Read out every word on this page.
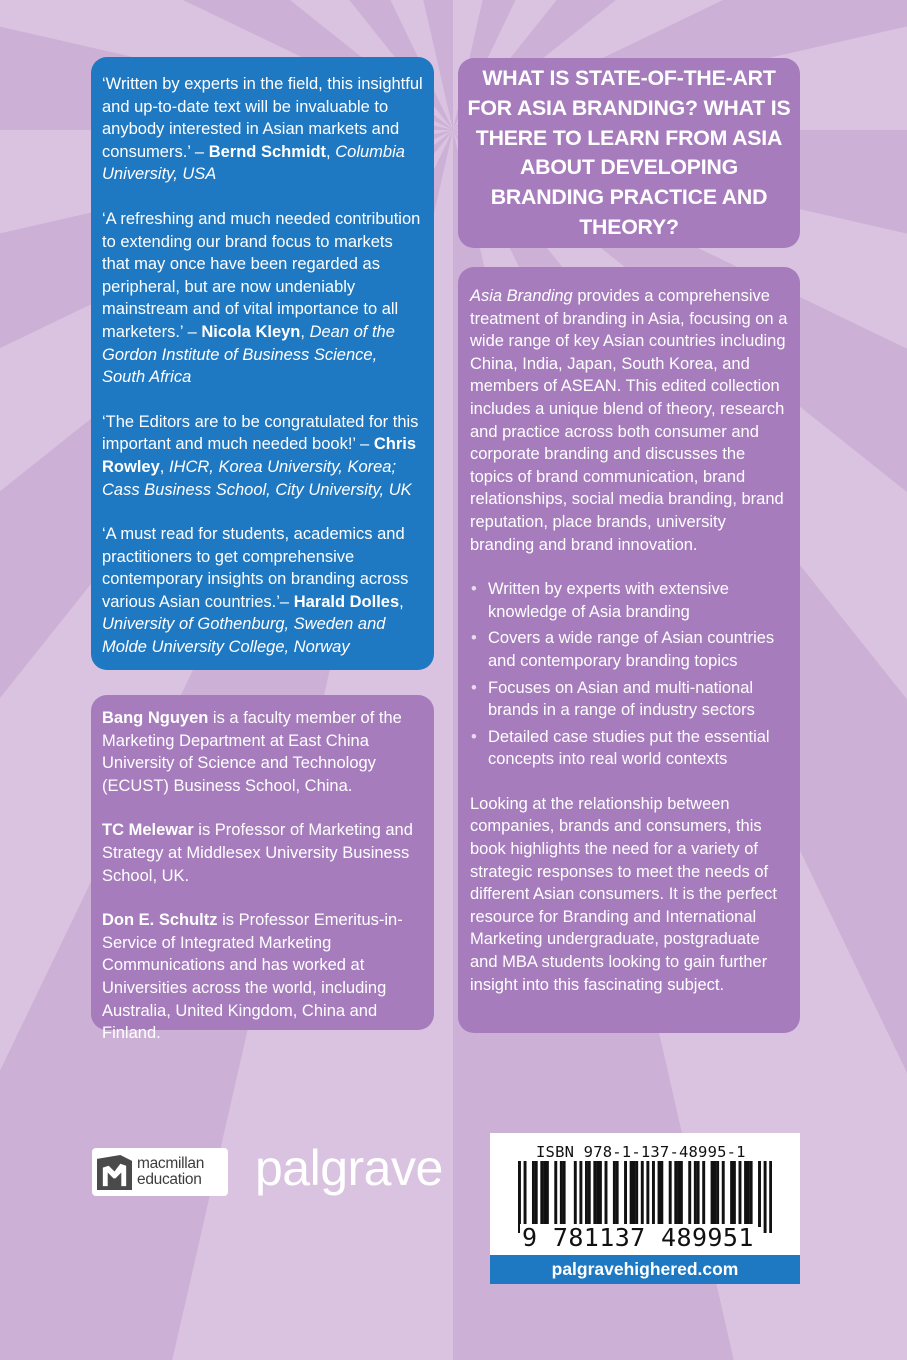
‘Written by experts in the field, this insightful and up-to-date text will be invaluable to anybody interested in Asian markets and consumers.’ – Bernd Schmidt, Columbia University, USA

‘A refreshing and much needed contribution to extending our brand focus to markets that may once have been regarded as peripheral, but are now undeniably mainstream and of vital importance to all marketers.’ – Nicola Kleyn, Dean of the Gordon Institute of Business Science, South Africa

‘The Editors are to be congratulated for this important and much needed book!’ – Chris Rowley, IHCR, Korea University, Korea; Cass Business School, City University, UK

‘A must read for students, academics and practitioners to get comprehensive contemporary insights on branding across various Asian countries.’– Harald Dolles, University of Gothenburg, Sweden and Molde University College, Norway

Bang Nguyen is a faculty member of the Marketing Department at East China University of Science and Technology (ECUST) Business School, China.

TC Melewar is Professor of Marketing and Strategy at Middlesex University Business School, UK.

Don E. Schultz is Professor Emeritus-in-Service of Integrated Marketing Communications and has worked at Universities across the world, including Australia, United Kingdom, China and Finland.

WHAT IS STATE-OF-THE-ART FOR ASIA BRANDING? WHAT IS THERE TO LEARN FROM ASIA ABOUT DEVELOPING BRANDING PRACTICE AND THEORY?

Asia Branding provides a comprehensive treatment of branding in Asia, focusing on a wide range of key Asian countries including China, India, Japan, South Korea, and members of ASEAN. This edited collection includes a unique blend of theory, research and practice across both consumer and corporate branding and discusses the topics of brand communication, brand relationships, social media branding, brand reputation, place brands, university branding and brand innovation.

• Written by experts with extensive knowledge of Asia branding
• Covers a wide range of Asian countries and contemporary branding topics
• Focuses on Asian and multi-national brands in a range of industry sectors
• Detailed case studies put the essential concepts into real world contexts

Looking at the relationship between companies, brands and consumers, this book highlights the need for a variety of strategic responses to meet the needs of different Asian consumers. It is the perfect resource for Branding and International Marketing undergraduate, postgraduate and MBA students looking to gain further insight into this fascinating subject.

macmillan
education palgrave	ISBN 978-1-137-48995-1
9 781137 489951
palgravehighered.com
